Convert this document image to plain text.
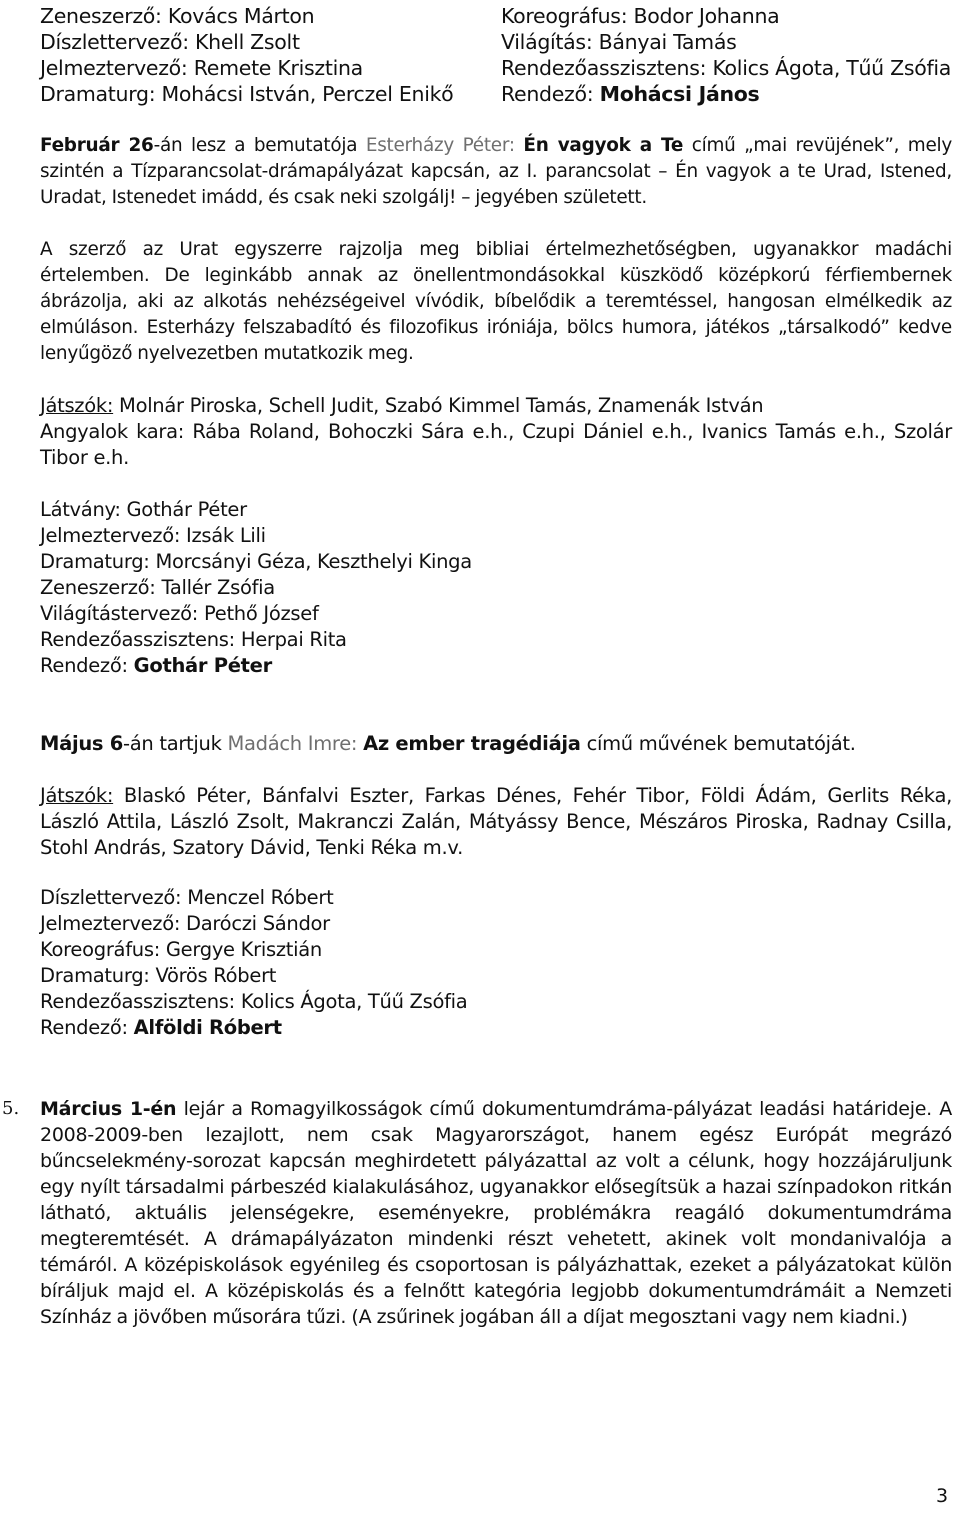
Zeneszerző: Kovács Márton
Díszlettervező: Khell Zsolt
Jelmeztervező: Remete Krisztina
Dramaturg: Mohácsi István, Perczel Enikő
Koreográfus: Bodor Johanna
Világítás: Bányai Tamás
Rendezőasszisztens: Kolics Ágota, Tűű Zsófia
Rendező: Mohácsi János
Február 26-án lesz a bemutatója Esterházy Péter: Én vagyok a Te című „mai revüjének”, mely szintén a Tízparancsolat-drámapályázat kapcsán, az I. parancsolat – Én vagyok a te Urad, Istened, Uradat, Istenedet imádd, és csak neki szolgálj! – jegyében született.
A szerző az Urat egyszerre rajzolja meg bibliai értelmezhetőségben, ugyanakkor madáchi értelemben. De leginkább annak az önellentmondásokkal küszködő középkorú férfiembernek ábrázolja, aki az alkotás nehézségeivel vívódik, bíbelődik a teremtéssel, hangosan elmélkedik az elmúláson. Esterházy felszabadító és filozofikus iróniája, bölcs humora, játékos „társalkodó” kedve lenyűgöző nyelvezetben mutatkozik meg.
Játszók: Molnár Piroska, Schell Judit, Szabó Kimmel Tamás, Znamenák István
Angyalok kara: Rába Roland, Bohoczki Sára e.h., Czupi Dániel e.h., Ivanics Tamás e.h., Szolár Tibor e.h.
Látvány: Gothár Péter
Jelmeztervező: Izsák Lili
Dramaturg: Morcsányi Géza, Keszthelyi Kinga
Zeneszerző: Tallér Zsófia
Világítástervező: Pethő József
Rendezőasszisztens: Herpai Rita
Rendező: Gothár Péter
Május 6-án tartjuk Madách Imre: Az ember tragédiája című művének bemutatóját.
Játszók: Blaskó Péter, Bánfalvi Eszter, Farkas Dénes, Fehér Tibor, Földi Ádám, Gerlits Réka, László Attila, László Zsolt, Makranczi Zalán, Mátyássy Bence, Mészáros Piroska, Radnay Csilla, Stohl András, Szatory Dávid, Tenki Réka m.v.
Díszlettervező: Menczel Róbert
Jelmeztervező: Daróczi Sándor
Koreográfus: Gergye Krisztián
Dramaturg: Vörös Róbert
Rendezőasszisztens: Kolics Ágota, Tűű Zsófia
Rendező: Alföldi Róbert
5. Március 1-én lejár a Romagyilkosságok című dokumentumdráma-pályázat leadási határideje. A 2008-2009-ben lezajlott, nem csak Magyarországot, hanem egész Európát megrázó bűncselekmény-sorozat kapcsán meghirdetett pályázattal az volt a célunk, hogy hozzájáruljunk egy nyílt társadalmi párbeszéd kialakulásához, ugyanakkor elősegítsük a hazai színpadokon ritkán látható, aktuális jelenségekre, eseményekre, problémákra reagáló dokumentumdráma megteremtését. A drámapályázaton mindenki részt vehetett, akinek volt mondanivalója a témáról. A középiskolások egyénileg és csoportosan is pályázhattak, ezeket a pályázatokat külön bíráljuk majd el. A középiskolás és a felnőtt kategória legjobb dokumentumdrámáit a Nemzeti Színház a jövőben műsorára tűzi. (A zsűrinek jogában áll a díjat megosztani vagy nem kiadni.)
3
